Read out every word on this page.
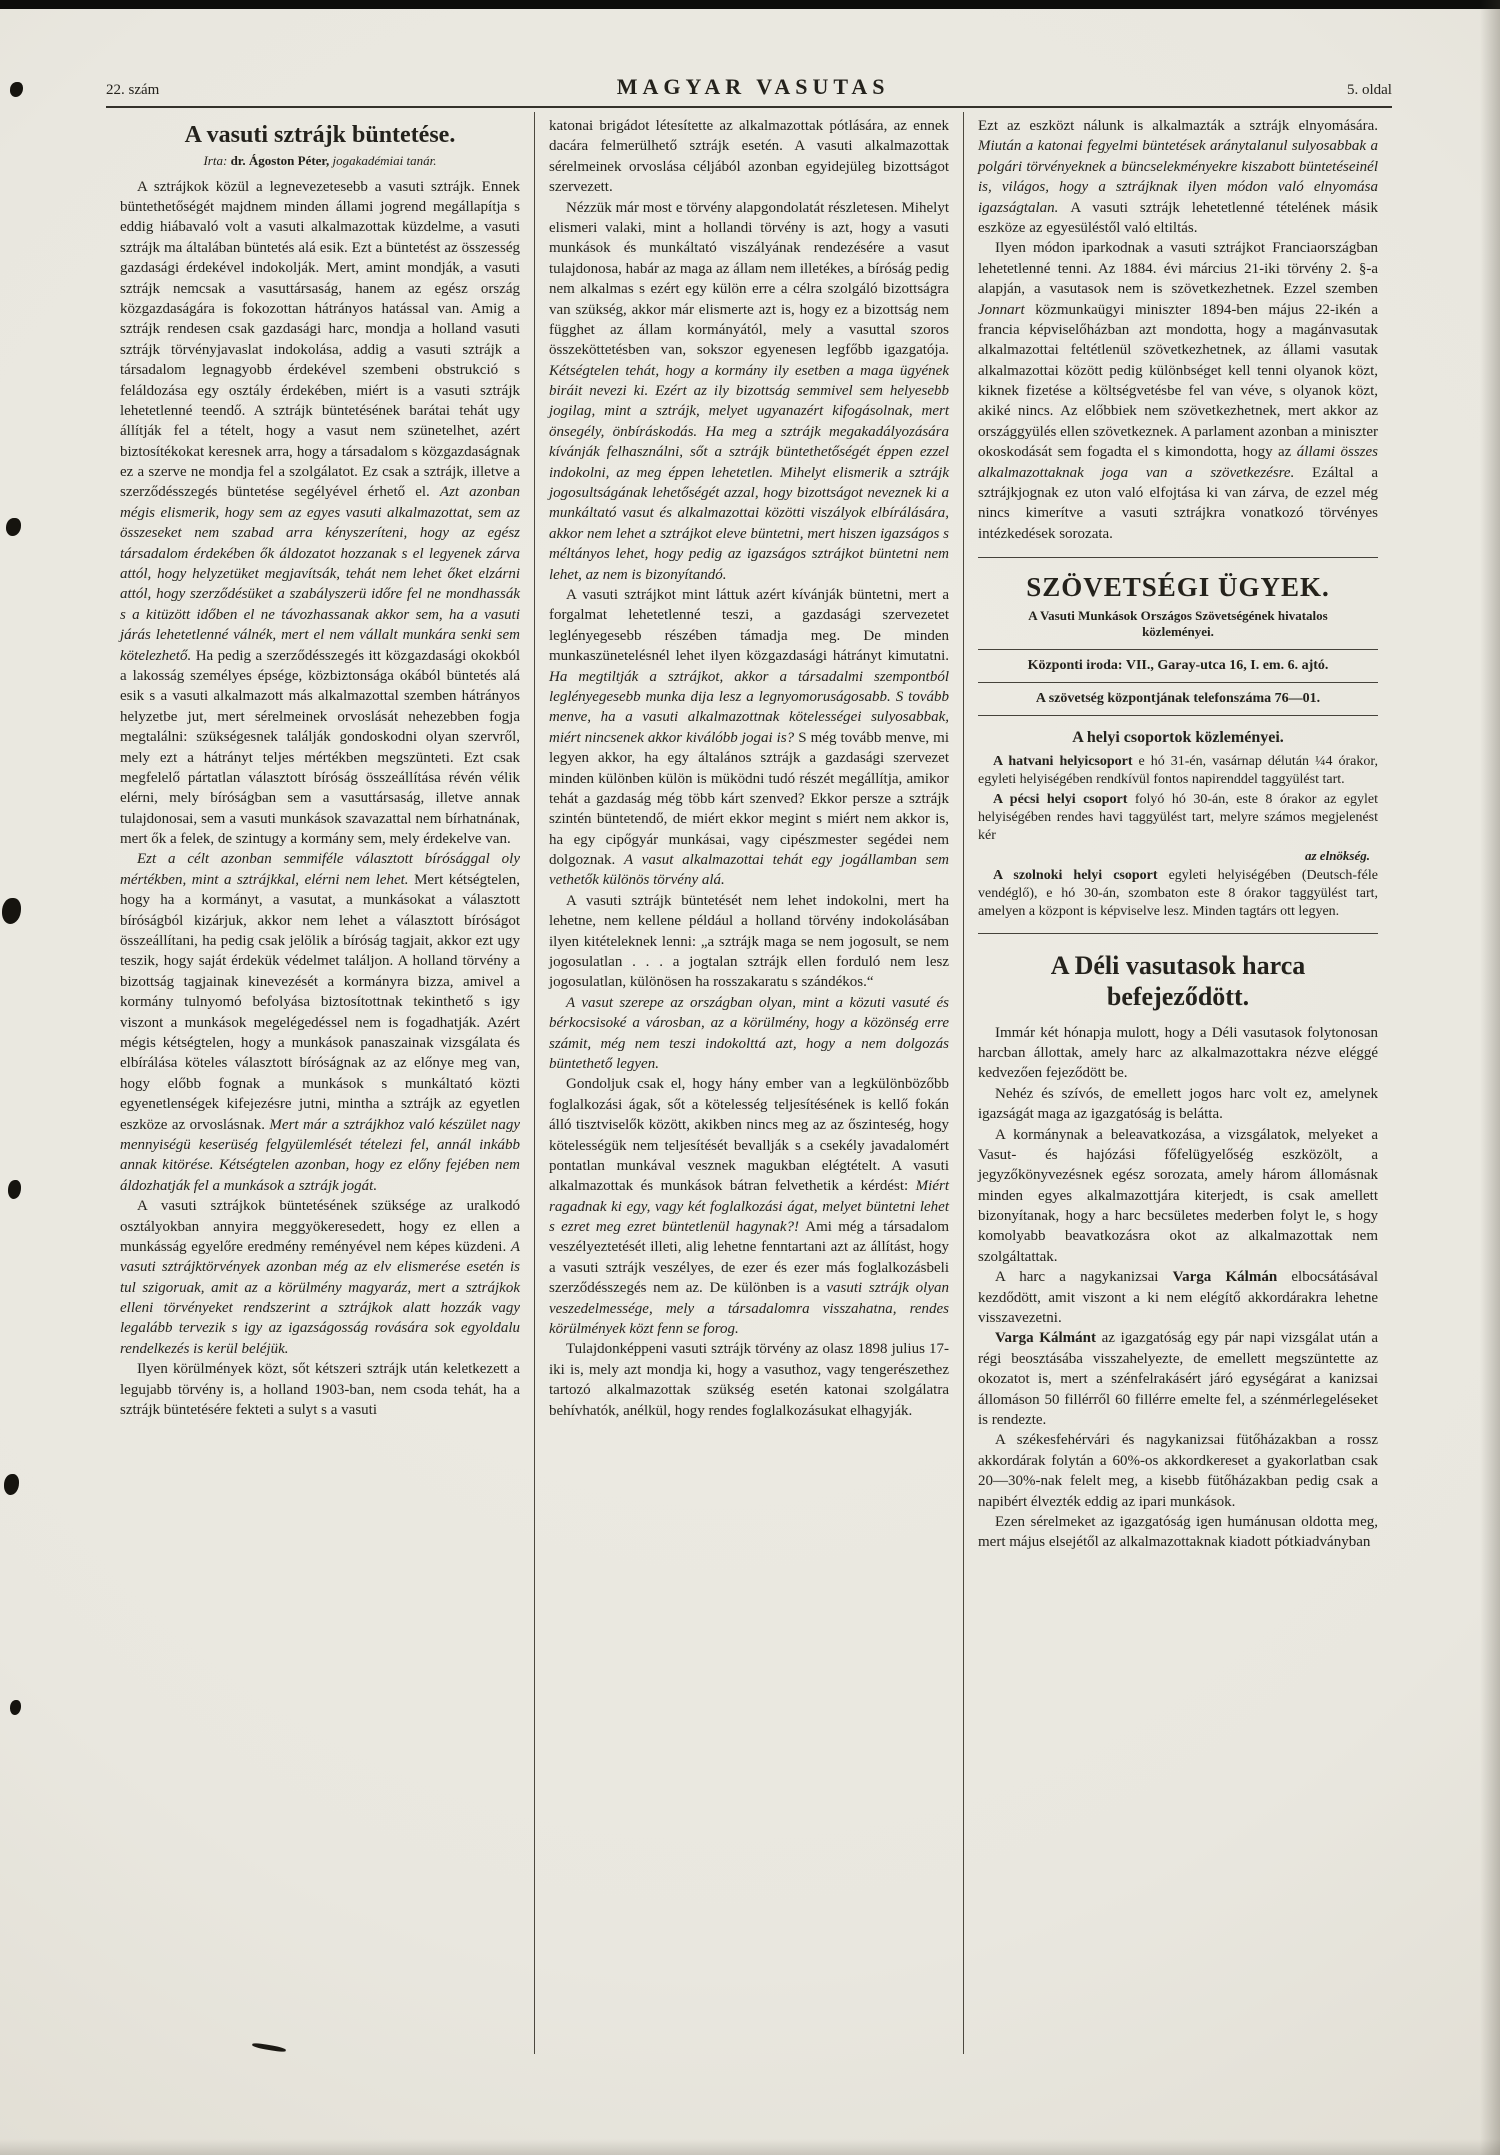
22. szám	MAGYAR VASUTAS	5. oldal
A vasuti sztrájk büntetése.
Irta: dr. Ágoston Péter, jogakadémiai tanár.
A sztrájkok közül a legnevezetesebb a vasuti sztrájk. Ennek büntethetőségét majdnem minden állami jogrend megállapítja s eddig hiábavaló volt a vasuti alkalmazottak küzdelme, a vasuti sztrájk ma általában büntetés alá esik. Ezt a büntetést az összesség gazdasági érdekével indokolják. Mert, amint mondják, a vasuti sztrájk nemcsak a vasuttársaság, hanem az egész ország közgazdaságára is fokozottan hátrányos hatással van. Amig a sztrájk rendesen csak gazdasági harc, mondja a holland vasuti sztrájk törvényjavaslat indokolása, addig a vasuti sztrájk a társadalom legnagyobb érdekével szembeni obstrukció s feláldozása egy osztály érdekében, miért is a vasuti sztrájk lehetetlenné teendő. A sztrájk büntetésének barátai tehát ugy állítják fel a tételt, hogy a vasut nem szünetelhet, azért biztosítékokat keresnek arra, hogy a társadalom s közgazdaságnak ez a szerve ne mondja fel a szolgálatot. Ez csak a sztrájk, illetve a szerződésszegés büntetése segélyével érhető el. Azt azonban mégis elismerik, hogy sem az egyes vasuti alkalmazottat, sem az összeseket nem szabad arra kényszeríteni, hogy az egész társadalom érdekében ők áldozatot hozzanak s el legyenek zárva attól, hogy helyzetüket megjavítsák, tehát nem lehet őket elzárni attól, hogy szerződésüket a szabályszerü időre fel ne mondhassák s a kitüzött időben el ne távozhassanak akkor sem, ha a vasuti járás lehetetlenné válnék, mert el nem vállalt munkára senki sem kötelezhető. Ha pedig a szerződésszegés itt közgazdasági okokból a lakosság személyes épsége, közbiztonsága okából büntetés alá esik s a vasuti alkalmazott más alkalmazottal szemben hátrányos helyzetbe jut, mert sérelmeinek orvoslását nehezebben fogja megtalálni: szükségesnek találják gondoskodni olyan szervről, mely ezt a hátrányt teljes mértékben megszünteti. Ezt csak megfelelő pártatlan választott bíróság összeállítása révén vélik elérni, mely bíróságban sem a vasuttársaság, illetve annak tulajdonosai, sem a vasuti munkások szavazattal nem bírhatnának, mert ők a felek, de szintugy a kormány sem, mely érdekelve van.
Ezt a célt azonban semmiféle választott bírósággal oly mértékben, mint a sztrájkkal, elérni nem lehet. Mert kétségtelen, hogy ha a kormányt, a vasutat, a munkásokat a választott bíróságból kizárjuk, akkor nem lehet a választott bíróságot összeállítani, ha pedig csak jelölik a bíróság tagjait, akkor ezt ugy teszik, hogy saját érdekük védelmet találjon. A holland törvény a bizottság tagjainak kinevezését a kormányra bizza, amivel a kormány tulnyomó befolyása biztosítottnak tekinthető s igy viszont a munkások megelégedéssel nem is fogadhatják. Azért mégis kétségtelen, hogy a munkások panaszainak vizsgálata és elbírálása köteles választott bíróságnak az az előnye meg van, hogy előbb fognak a munkások s munkáltató közti egyenetlenségek kifejezésre jutni, mintha a sztrájk az egyetlen eszköze az orvoslásnak. Mert már a sztrájkhoz való készület nagy mennyiségü keserüség felgyülemlését tételezi fel, annál inkább annak kitörése. Kétségtelen azonban, hogy ez előny fejében nem áldozhatják fel a munkások a sztrájk jogát.
A vasuti sztrájkok büntetésének szüksége az uralkodó osztályokban annyira meggyökeresedett, hogy ez ellen a munkásság egyelőre eredmény reményével nem képes küzdeni. A vasuti sztrájktörvények azonban még az elv elismerése esetén is tul szigoruak, amit az a körülmény magyaráz, mert a sztrájkok elleni törvényeket rendszerint a sztrájkok alatt hozzák vagy legalább tervezik s igy az igazságosság rovására sok egyoldalu rendelkezés is kerül beléjük.
Ilyen körülmények közt, sőt kétszeri sztrájk után keletkezett a legujabb törvény is, a holland 1903-ban, nem csoda tehát, ha a sztrájk büntetésére fekteti a sulyt s a vasuti
katonai brigádot létesítette az alkalmazottak pótlására, az ennek dacára felmerülhető sztrájk esetén. A vasuti alkalmazottak sérelmeinek orvoslása céljából azonban egyidejüleg bizottságot szervezett.
Nézzük már most e törvény alapgondolatát részletesen. Mihelyt elismeri valaki, mint a hollandi törvény is azt, hogy a vasuti munkások és munkáltató viszályának rendezésére a vasut tulajdonosa, habár az maga az állam nem illetékes, a bíróság pedig nem alkalmas s ezért egy külön erre a célra szolgáló bizottságra van szükség, akkor már elismerte azt is, hogy ez a bizottság nem függhet az állam kormányától, mely a vasuttal szoros összeköttetésben van, sokszor egyenesen legfőbb igazgatója. Kétségtelen tehát, hogy a kormány ily esetben a maga ügyének biráit nevezi ki. Ezért az ily bizottság semmivel sem helyesebb jogilag, mint a sztrájk, melyet ugyanazért kifogásolnak, mert önsegély, önbíráskodás. Ha meg a sztrájk megakadályozására kívánják felhasználni, sőt a sztrájk büntethetőségét éppen ezzel indokolni, az meg éppen lehetetlen. Mihelyt elismerik a sztrájk jogosultságának lehetőségét azzal, hogy bizottságot neveznek ki a munkáltató vasut és alkalmazottai közötti viszályok elbírálására, akkor nem lehet a sztrájkot eleve büntetni, mert hiszen igazságos s méltányos lehet, hogy pedig az igazságos sztrájkot büntetni nem lehet, az nem is bizonyítandó.
A vasuti sztrájkot mint láttuk azért kívánják büntetni, mert a forgalmat lehetetlenné teszi, a gazdasági szervezetet leglényegesebb részében támadja meg. De minden munkaszünetelésnél lehet ilyen közgazdasági hátrányt kimutatni. Ha megtiltják a sztrájkot, akkor a társadalmi szempontból leglényegesebb munka dija lesz a legnyomoruságosabb. S tovább menve, ha a vasuti alkalmazottnak kötelességei sulyosabbak, miért nincsenek akkor kiválóbb jogai is? S még tovább menve, mi legyen akkor, ha egy általános sztrájk a gazdasági szervezet minden különben külön is müködni tudó részét megállítja, amikor tehát a gazdaság még több kárt szenved? Ekkor persze a sztrájk szintén büntetendő, de miért ekkor megint s miért nem akkor is, ha egy cipőgyár munkásai, vagy cipészmester segédei nem dolgoznak. A vasut alkalmazottai tehát egy jogállamban sem vethetők különös törvény alá.
A vasuti sztrájk büntetését nem lehet indokolni, mert ha lehetne, nem kellene például a holland törvény indokolásában ilyen kitételeknek lenni: „a sztrájk maga se nem jogosult, se nem jogosulatlan . . . a jogtalan sztrájk ellen forduló nem lesz jogosulatlan, különösen ha rosszakaratu s szándékos.“
A vasut szerepe az országban olyan, mint a közuti vasuté és bérkocsisoké a városban, az a körülmény, hogy a közönség erre számit, még nem teszi indokolttá azt, hogy a nem dolgozás büntethető legyen.
Gondoljuk csak el, hogy hány ember van a legkülönbözőbb foglalkozási ágak, sőt a kötelesség teljesítésének is kellő fokán álló tisztviselők között, akikben nincs meg az az őszinteség, hogy kötelességük nem teljesítését bevallják s a csekély javadalomért pontatlan munkával vesznek magukban elégtételt. A vasuti alkalmazottak és munkások bátran felvethetik a kérdést: Miért ragadnak ki egy, vagy két foglalkozási ágat, melyet büntetni lehet s ezret meg ezret büntetlenül hagynak?! Ami még a társadalom veszélyeztetését illeti, alig lehetne fenntartani azt az állítást, hogy a vasuti sztrájk veszélyes, de ezer és ezer más foglalkozásbeli szerződésszegés nem az. De különben is a vasuti sztrájk olyan veszedelmessége, mely a társadalomra visszahatna, rendes körülmények közt fenn se forog.
Tulajdonképpeni vasuti sztrájk törvény az olasz 1898 julius 17-iki is, mely azt mondja ki, hogy a vasuthoz, vagy tengerészethez tartozó alkalmazottak szükség esetén katonai szolgálatra behívhatók, anélkül, hogy rendes foglalkozásukat elhagyják.
Ezt az eszközt nálunk is alkalmazták a sztrájk elnyomására. Miután a katonai fegyelmi büntetések aránytalanul sulyosabbak a polgári törvényeknek a büncselekményekre kiszabott büntetéseinél is, világos, hogy a sztrájknak ilyen módon való elnyomása igazságtalan. A vasuti sztrájk lehetetlenné tételének másik eszköze az egyesüléstől való eltiltás.
Ilyen módon iparkodnak a vasuti sztrájkot Franciaországban lehetetlenné tenni. Az 1884. évi március 21-iki törvény 2. §-a alapján, a vasutasok nem is szövetkezhetnek. Ezzel szemben Jonnart közmunkaügyi miniszter 1894-ben május 22-ikén a francia képviselőházban azt mondotta, hogy a magánvasutak alkalmazottai feltétlenül szövetkezhetnek, az állami vasutak alkalmazottai között pedig különbséget kell tenni olyanok közt, kiknek fizetése a költségvetésbe fel van véve, s olyanok közt, akiké nincs. Az előbbiek nem szövetkezhetnek, mert akkor az országgyülés ellen szövetkeznek. A parlament azonban a miniszter okoskodását sem fogadta el s kimondotta, hogy az állami összes alkalmazottaknak joga van a szövetkezésre. Ezáltal a sztrájkjognak ez uton való elfojtása ki van zárva, de ezzel még nincs kimerítve a vasuti sztrájkra vonatkozó törvényes intézkedések sorozata.
SZÖVETSÉGI ÜGYEK.
A Vasuti Munkások Országos Szövetségének hivatalos közleményei.
Központi iroda: VII., Garay-utca 16, I. em. 6. ajtó.
A szövetség központjának telefonszáma 76—01.
A helyi csoportok közleményei.
A hatvani helyicsoport e hó 31-én, vasárnap délután ¼4 órakor, egyleti helyiségében rendkívül fontos napirenddel taggyülést tart.
A pécsi helyi csoport folyó hó 30-án, este 8 órakor az egylet helyiségében rendes havi taggyülést tart, melyre számos megjelenést kér
az elnökség.
A szolnoki helyi csoport egyleti helyiségében (Deutsch-féle vendéglő), e hó 30-án, szombaton este 8 órakor taggyülést tart, amelyen a központ is képviselve lesz. Minden tagtárs ott legyen.
A Déli vasutasok harca befejeződött.
Immár két hónapja mulott, hogy a Déli vasutasok folytonosan harcban állottak, amely harc az alkalmazottakra nézve eléggé kedvezően fejeződött be.
Nehéz és szívós, de emellett jogos harc volt ez, amelynek igazságát maga az igazgatóság is belátta.
A kormánynak a beleavatkozása, a vizsgálatok, melyeket a Vasut- és hajózási főfelügyelőség eszközölt, a jegyzőkönyvezésnek egész sorozata, amely három állomásnak minden egyes alkalmazottjára kiterjedt, is csak amellett bizonyítanak, hogy a harc becsületes mederben folyt le, s hogy komolyabb beavatkozásra okot az alkalmazottak nem szolgáltattak.
A harc a nagykanizsai Varga Kálmán elbocsátásával kezdődött, amit viszont a ki nem elégítő akkordárakra lehetne visszavezetni.
Varga Kálmánt az igazgatóság egy pár napi vizsgálat után a régi beosztásába visszahelyezte, de emellett megszüntette az okozatot is, mert a szénfelrakásért járó egységárat a kanizsai állomáson 50 fillérről 60 fillérre emelte fel, a szénmérlegeléseket is rendezte.
A székesfehérvári és nagykanizsai fütőházakban a rossz akkordárak folytán a 60%-os akkordkereset a gyakorlatban csak 20—30%-nak felelt meg, a kisebb fütőházakban pedig csak a napibért élvezték eddig az ipari munkások.
Ezen sérelmeket az igazgatóság igen humánusan oldotta meg, mert május elsejétől az alkalmazottaknak kiadott pótkiadványban
